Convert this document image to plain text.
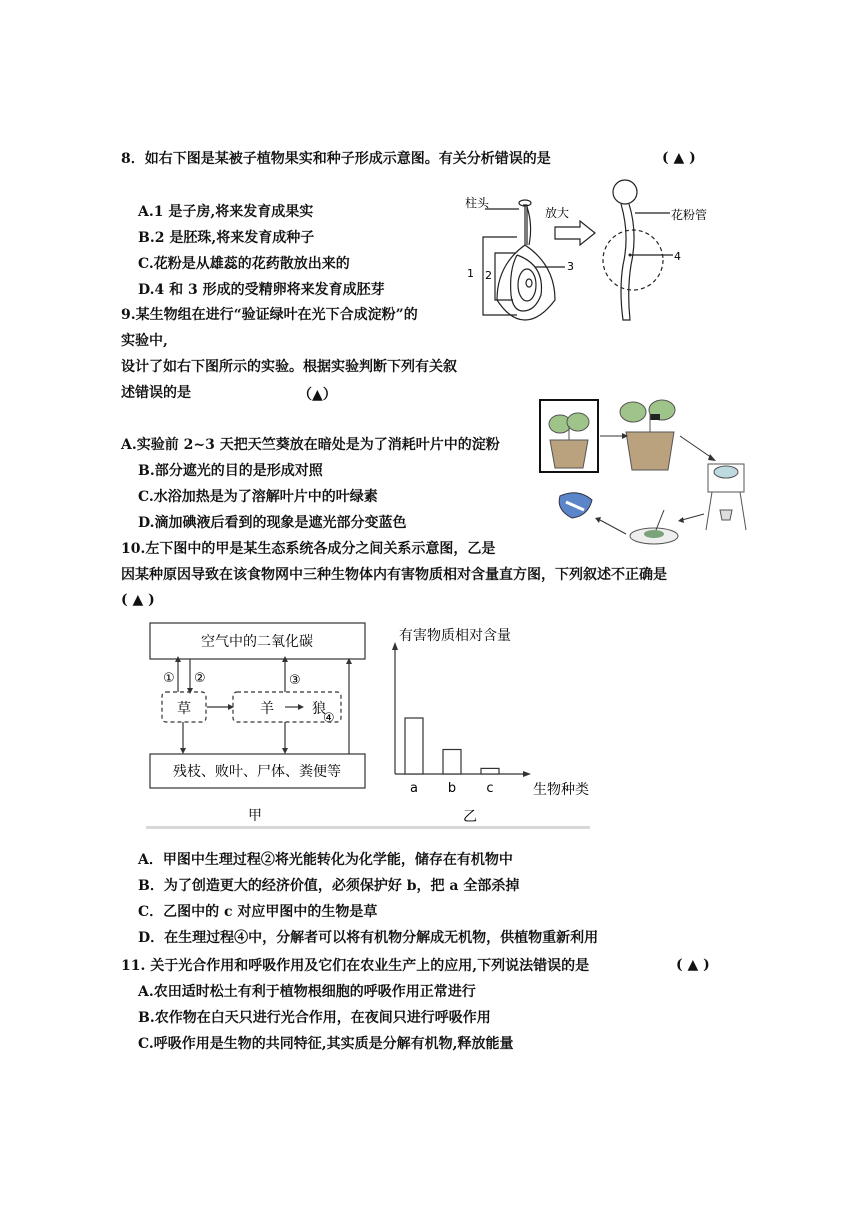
8．如右下图是某被子植物果实和种子形成示意图。有关分析错误的是	( ▲ )
A.1 是子房,将来发育成果实
B.2 是胚珠,将来发育成种子
C.花粉是从雄蕊的花药散放出来的
D.4 和 3 形成的受精卵将来发育成胚芽
柱头
放大	花粉管
1 2
3
4
9.某生物组在进行“验证绿叶在光下合成淀粉”的
实验中,
设计了如右下图所示的实验。根据实验判断下列有关叙
述错误的是	（▲）
A.实验前 2~3 天把天竺葵放在暗处是为了消耗叶片中的淀粉
B.部分遮光的目的是形成对照
C.水浴加热是为了溶解叶片中的叶绿素
D.滴加碘液后看到的现象是遮光部分变蓝色
10.左下图中的甲是某生态系统各成分之间关系示意图，乙是
因某种原因导致在该食物网中三种生物体内有害物质相对含量直方图，下列叙述不正确是
( ▲ )
空气中的二氧化碳
草	羊	狼
残枝、败叶、尸体、粪便等
① ②	③
④
甲
有害物质相对含量
生物种类
a b c
乙
A．甲图中生理过程②将光能转化为化学能，储存在有机物中
B．为了创造更大的经济价值，必须保护好 b，把 a 全部杀掉
C．乙图中的 c 对应甲图中的生物是草
D．在生理过程④中，分解者可以将有机物分解成无机物，供植物重新利用
11. 关于光合作用和呼吸作用及它们在农业生产上的应用,下列说法错误的是	( ▲ )
A.农田适时松土有利于植物根细胞的呼吸作用正常进行
B.农作物在白天只进行光合作用，在夜间只进行呼吸作用
C.呼吸作用是生物的共同特征,其实质是分解有机物,释放能量
